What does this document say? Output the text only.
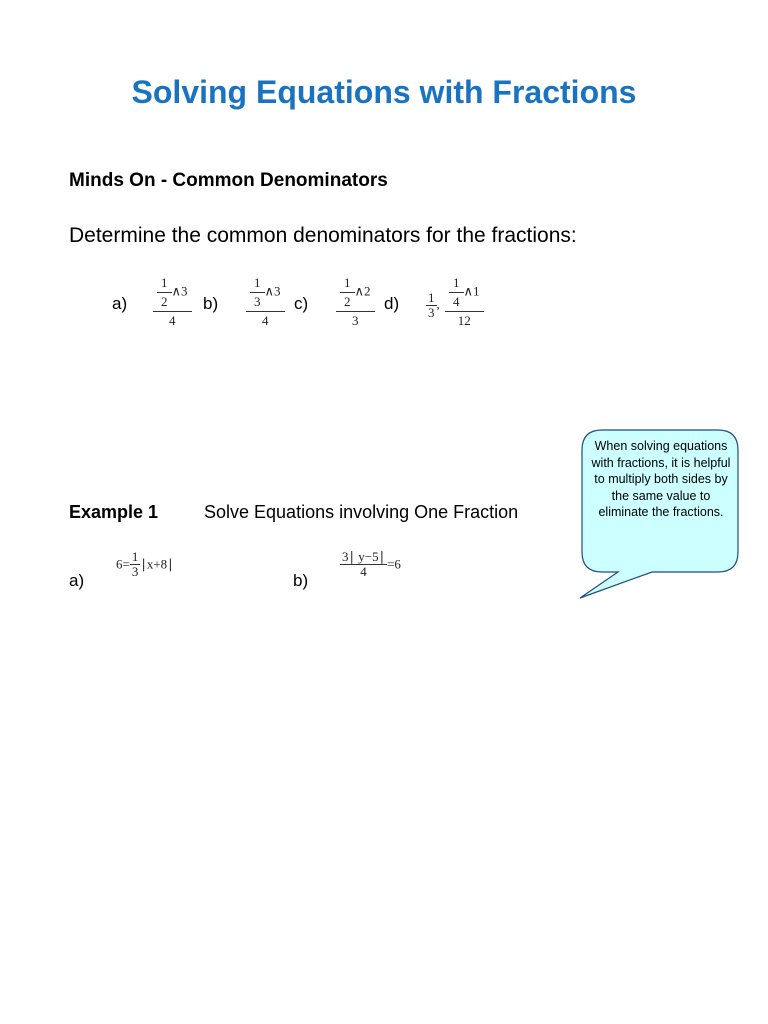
Solving Equations with Fractions
Minds On - Common Denominators
Determine the common denominators for the fractions:
$a) \frac{\frac{1}{2} \wedge 3}{4} b) \frac{\frac{1}{3} \wedge 3}{4} c) \frac{\frac{1}{2} \wedge 2}{3} d) \frac{1}{3}$ , $\frac{\frac{1}{4} \wedge 1}{12}$
Example 1	Solve Equations involving One Fraction
a)
$6= \frac{1}{3}$ ∣x+8∣
b)
$\frac{3∣ y-5∣}{4} =6$
When solving equations with fractions, it is helpful to multiply both sides by the same value to eliminate the fractions.
